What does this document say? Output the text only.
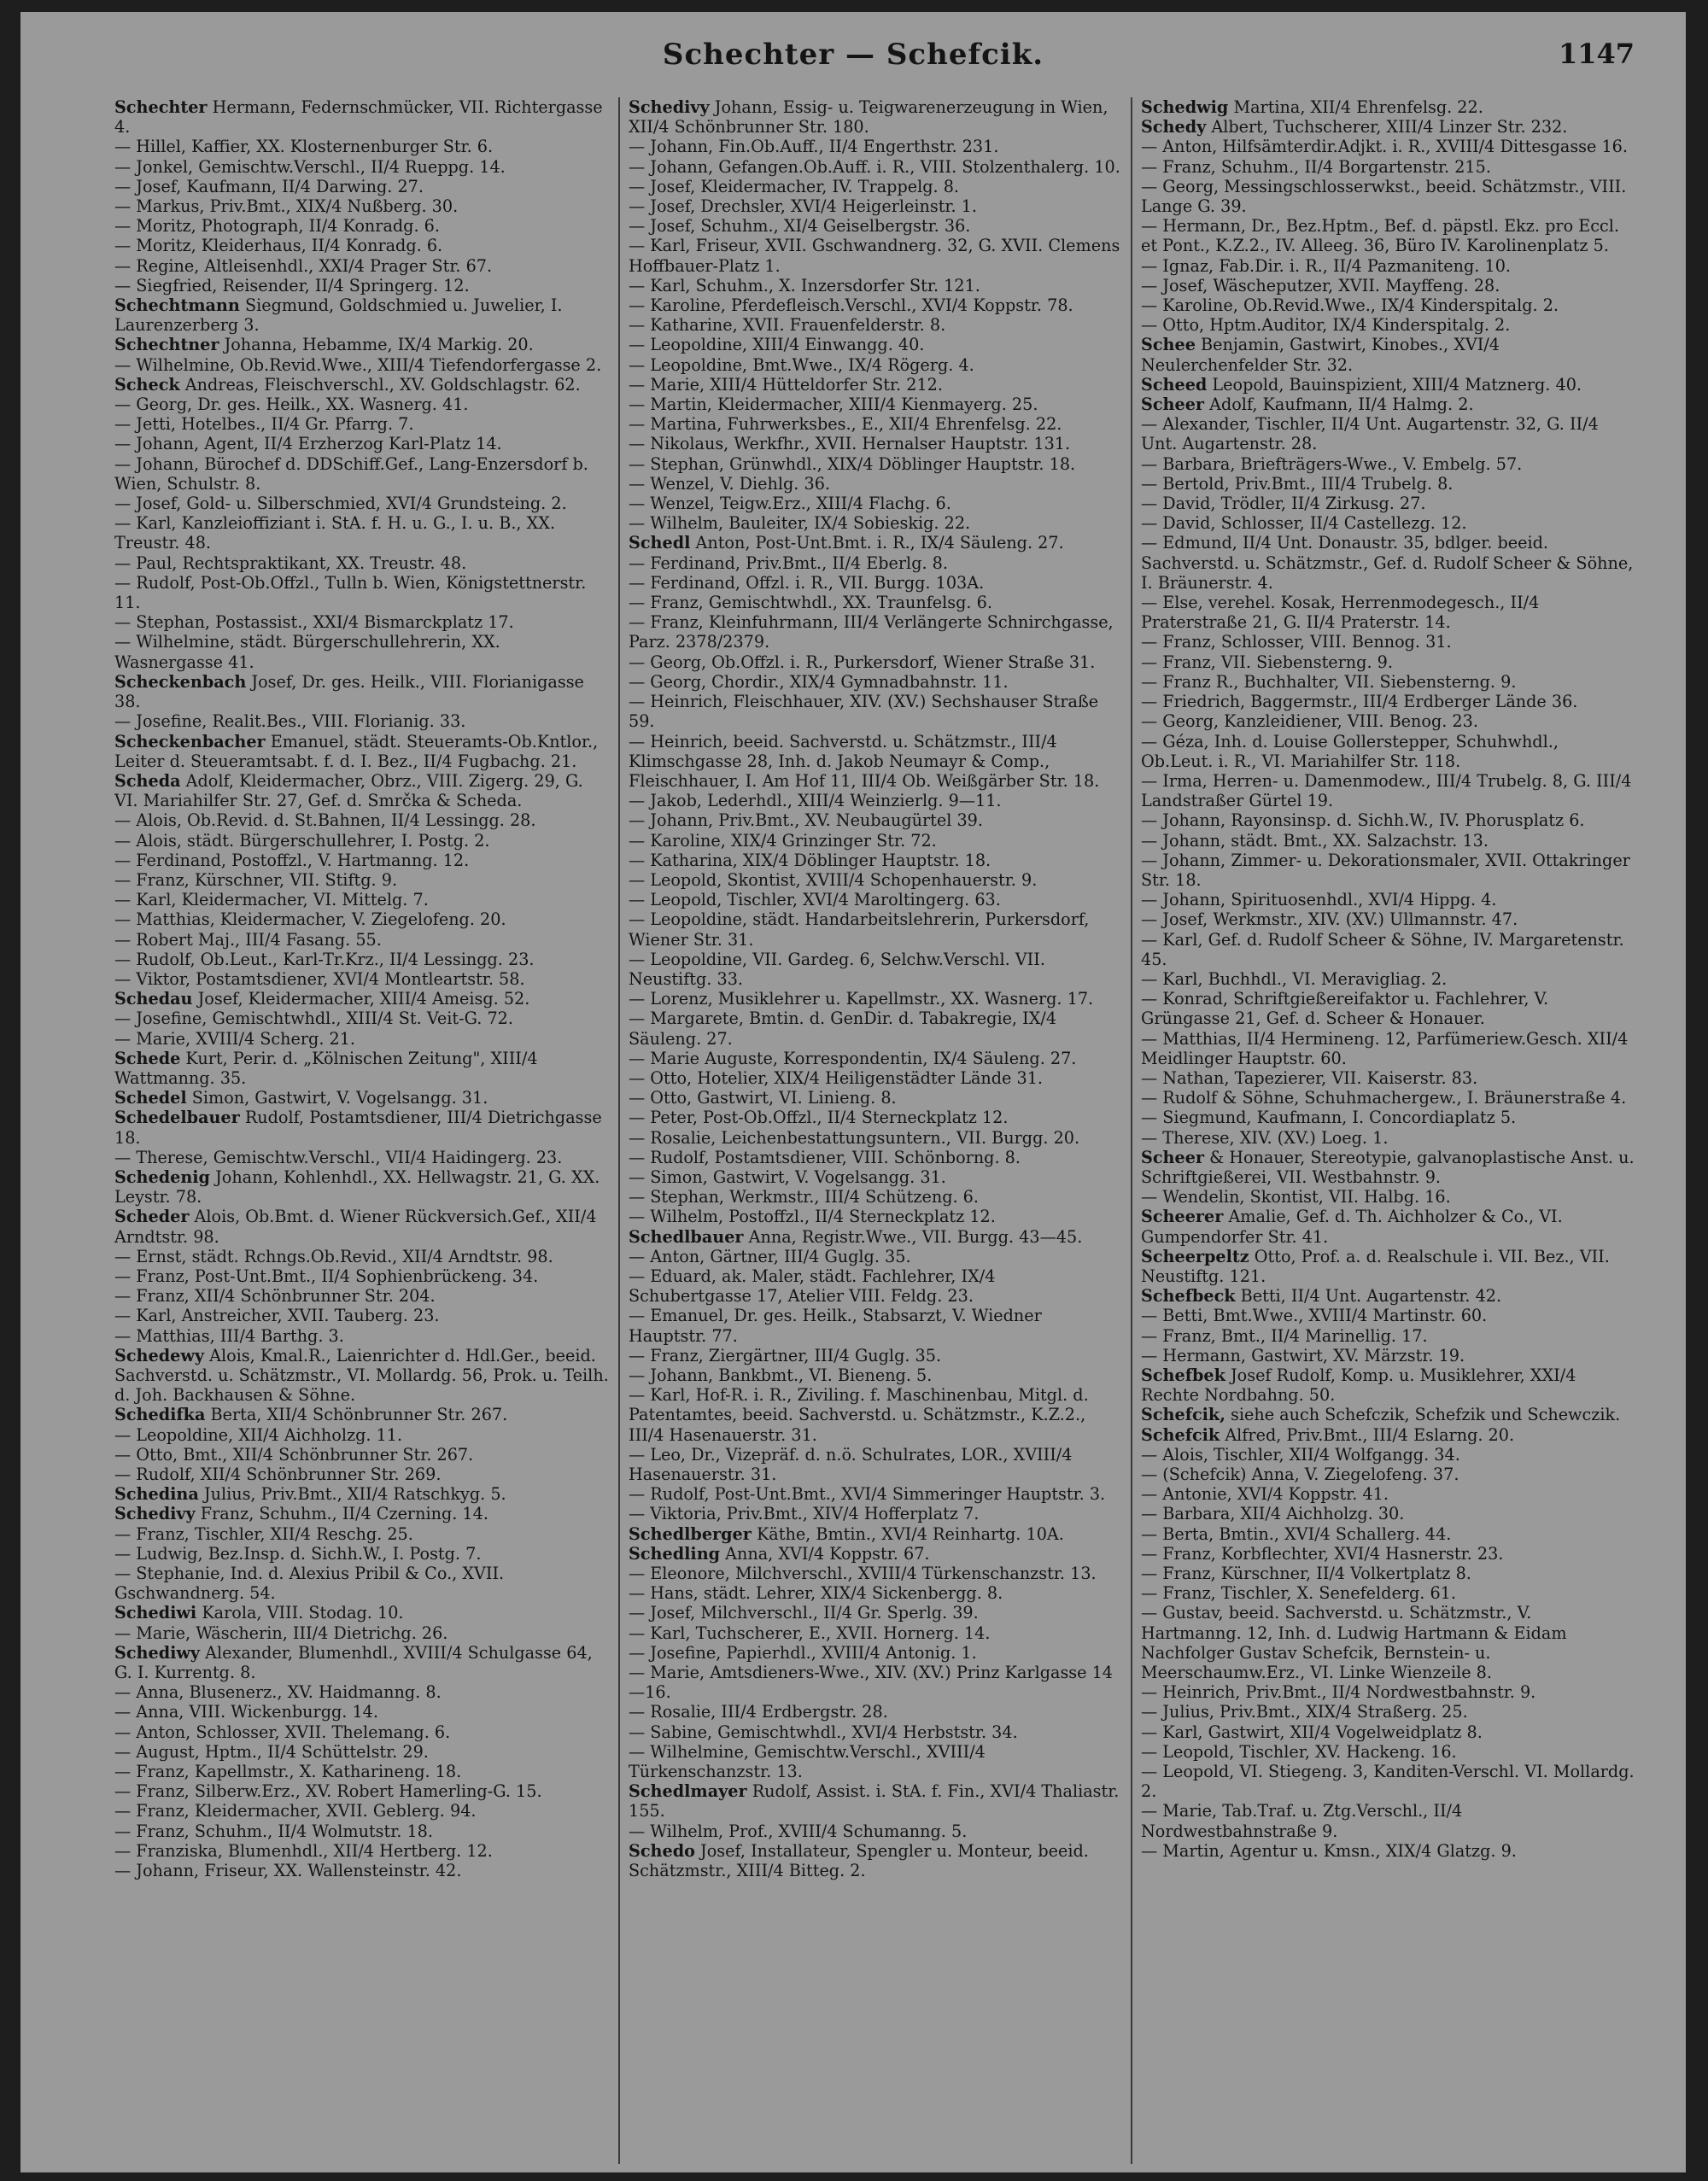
Schechter — Schefcik.	1147

Schechter Hermann, Federnschmücker, VII. Richtergasse 4.

— Hillel, Kaffier, XX. Klosternenburger Str. 6.

— Jonkel, Gemischtw.Verschl., II/4 Rueppg. 14.

— Josef, Kaufmann, II/4 Darwing. 27.

— Markus, Priv.Bmt., XIX/4 Nußberg. 30.

— Moritz, Photograph, II/4 Konradg. 6.

— Moritz, Kleiderhaus, II/4 Konradg. 6.

— Regine, Altleisenhdl., XXI/4 Prager Str. 67.

— Siegfried, Reisender, II/4 Springerg. 12.

Schechtmann Siegmund, Goldschmied u. Juwelier, I. Laurenzerberg 3.

Schechtner Johanna, Hebamme, IX/4 Markig. 20.

— Wilhelmine, Ob.Revid.Wwe., XIII/4 Tiefendorfergasse 2.

Scheck Andreas, Fleischverschl., XV. Goldschlagstr. 62.

— Georg, Dr. ges. Heilk., XX. Wasnerg. 41.

— Jetti, Hotelbes., II/4 Gr. Pfarrg. 7.

— Johann, Agent, II/4 Erzherzog Karl-Platz 14.

— Johann, Bürochef d. DDSchiff.Gef., Lang-Enzersdorf b. Wien, Schulstr. 8.

— Josef, Gold- u. Silberschmied, XVI/4 Grundsteing. 2.

— Karl, Kanzleioffiziant i. StA. f. H. u. G., I. u. B., XX. Treustr. 48.

— Paul, Rechtspraktikant, XX. Treustr. 48.

— Rudolf, Post-Ob.Offzl., Tulln b. Wien, Königstettnerstr. 11.

— Stephan, Postassist., XXI/4 Bismarckplatz 17.

— Wilhelmine, städt. Bürgerschullehrerin, XX. Wasnergasse 41.

Scheckenbach Josef, Dr. ges. Heilk., VIII. Florianigasse 38.

— Josefine, Realit.Bes., VIII. Florianig. 33.

Scheckenbacher Emanuel, städt. Steueramts-Ob.Kntlor., Leiter d. Steueramtsabt. f. d. I. Bez., II/4 Fugbachg. 21.

Scheda Adolf, Kleidermacher, Obrz., VIII. Zigerg. 29, G. VI. Mariahilfer Str. 27, Gef. d. Smrčka & Scheda.

— Alois, Ob.Revid. d. St.Bahnen, II/4 Lessingg. 28.

— Alois, städt. Bürgerschullehrer, I. Postg. 2.

— Ferdinand, Postoffzl., V. Hartmanng. 12.

— Franz, Kürschner, VII. Stiftg. 9.

— Karl, Kleidermacher, VI. Mittelg. 7.

— Matthias, Kleidermacher, V. Ziegelofeng. 20.

— Robert Maj., III/4 Fasang. 55.

— Rudolf, Ob.Leut., Karl-Tr.Krz., II/4 Lessingg. 23.

— Viktor, Postamtsdiener, XVI/4 Montleartstr. 58.

Schedau Josef, Kleidermacher, XIII/4 Ameisg. 52.

— Josefine, Gemischtwhdl., XIII/4 St. Veit-G. 72.

— Marie, XVIII/4 Scherg. 21.

Schede Kurt, Perir. d. „Kölnischen Zeitung", XIII/4 Wattmanng. 35.

Schedel Simon, Gastwirt, V. Vogelsangg. 31.

Schedelbauer Rudolf, Postamtsdiener, III/4 Dietrichgasse 18.

— Therese, Gemischtw.Verschl., VII/4 Haidingerg. 23.

Schedenig Johann, Kohlenhdl., XX. Hellwagstr. 21, G. XX. Leystr. 78.

Scheder Alois, Ob.Bmt. d. Wiener Rückversich.Gef., XII/4 Arndtstr. 98.

— Ernst, städt. Rchngs.Ob.Revid., XII/4 Arndtstr. 98.

— Franz, Post-Unt.Bmt., II/4 Sophienbrückeng. 34.

— Franz, XII/4 Schönbrunner Str. 204.

— Karl, Anstreicher, XVII. Tauberg. 23.

— Matthias, III/4 Barthg. 3.

Schedewy Alois, Kmal.R., Laienrichter d. Hdl.Ger., beeid. Sachverstd. u. Schätzmstr., VI. Mollardg. 56, Prok. u. Teilh. d. Joh. Backhausen & Söhne.

Schedifka Berta, XII/4 Schönbrunner Str. 267.

— Leopoldine, XII/4 Aichholzg. 11.

— Otto, Bmt., XII/4 Schönbrunner Str. 267.

— Rudolf, XII/4 Schönbrunner Str. 269.

Schedina Julius, Priv.Bmt., XII/4 Ratschkyg. 5.

Schedivy Franz, Schuhm., II/4 Czerning. 14.

— Franz, Tischler, XII/4 Reschg. 25.

— Ludwig, Bez.Insp. d. Sichh.W., I. Postg. 7.

— Stephanie, Ind. d. Alexius Pribil & Co., XVII. Gschwandnerg. 54.

Schediwi Karola, VIII. Stodag. 10.

— Marie, Wäscherin, III/4 Dietrichg. 26.

Schediwy Alexander, Blumenhdl., XVIII/4 Schulgasse 64, G. I. Kurrentg. 8.

— Anna, Blusenerz., XV. Haidmanng. 8.

— Anna, VIII. Wickenburgg. 14.

— Anton, Schlosser, XVII. Thelemang. 6.

— August, Hptm., II/4 Schüttelstr. 29.

— Franz, Kapellmstr., X. Katharineng. 18.

— Franz, Silberw.Erz., XV. Robert Hamerling-G. 15.

— Franz, Kleidermacher, XVII. Geblerg. 94.

— Franz, Schuhm., II/4 Wolmutstr. 18.

— Franziska, Blumenhdl., XII/4 Hertberg. 12.

— Johann, Friseur, XX. Wallensteinstr. 42.

Schedivy Johann, Essig- u. Teigwarenerzeugung in Wien, XII/4 Schönbrunner Str. 180.

— Johann, Fin.Ob.Auff., II/4 Engerthstr. 231.

— Johann, Gefangen.Ob.Auff. i. R., VIII. Stolzenthalerg. 10.

— Josef, Kleidermacher, IV. Trappelg. 8.

— Josef, Drechsler, XVI/4 Heigerleinstr. 1.

— Josef, Schuhm., XI/4 Geiselbergstr. 36.

— Karl, Friseur, XVII. Gschwandnerg. 32, G. XVII. Clemens Hoffbauer-Platz 1.

— Karl, Schuhm., X. Inzersdorfer Str. 121.

— Karoline, Pferdefleisch.Verschl., XVI/4 Koppstr. 78.

— Katharine, XVII. Frauenfelderstr. 8.

— Leopoldine, XIII/4 Einwangg. 40.

— Leopoldine, Bmt.Wwe., IX/4 Rögerg. 4.

— Marie, XIII/4 Hütteldorfer Str. 212.

— Martin, Kleidermacher, XIII/4 Kienmayerg. 25.

— Martina, Fuhrwerksbes., E., XII/4 Ehrenfelsg. 22.

— Nikolaus, Werkfhr., XVII. Hernalser Hauptstr. 131.

— Stephan, Grünwhdl., XIX/4 Döblinger Hauptstr. 18.

— Wenzel, V. Diehlg. 36.

— Wenzel, Teigw.Erz., XIII/4 Flachg. 6.

— Wilhelm, Bauleiter, IX/4 Sobieskig. 22.

Schedl Anton, Post-Unt.Bmt. i. R., IX/4 Säuleng. 27.

— Ferdinand, Priv.Bmt., II/4 Eberlg. 8.

— Ferdinand, Offzl. i. R., VII. Burgg. 103A.

— Franz, Gemischtwhdl., XX. Traunfelsg. 6.

— Franz, Kleinfuhrmann, III/4 Verlängerte Schnirchgasse, Parz. 2378/2379.

— Georg, Ob.Offzl. i. R., Purkersdorf, Wiener Straße 31.

— Georg, Chordir., XIX/4 Gymnadbahnstr. 11.

— Heinrich, Fleischhauer, XIV. (XV.) Sechshauser Straße 59.

— Heinrich, beeid. Sachverstd. u. Schätzmstr., III/4 Klimschgasse 28, Inh. d. Jakob Neumayr & Comp., Fleischhauer, I. Am Hof 11, III/4 Ob. Weißgärber Str. 18.

— Jakob, Lederhdl., XIII/4 Weinzierlg. 9—11.

— Johann, Priv.Bmt., XV. Neubaugürtel 39.

— Karoline, XIX/4 Grinzinger Str. 72.

— Katharina, XIX/4 Döblinger Hauptstr. 18.

— Leopold, Skontist, XVIII/4 Schopenhauerstr. 9.

— Leopold, Tischler, XVI/4 Maroltingerg. 63.

— Leopoldine, städt. Handarbeitslehrerin, Purkersdorf, Wiener Str. 31.

— Leopoldine, VII. Gardeg. 6, Selchw.Verschl. VII. Neustiftg. 33.

— Lorenz, Musiklehrer u. Kapellmstr., XX. Wasnerg. 17.

— Margarete, Bmtin. d. GenDir. d. Tabakregie, IX/4 Säuleng. 27.

— Marie Auguste, Korrespondentin, IX/4 Säuleng. 27.

— Otto, Hotelier, XIX/4 Heiligenstädter Lände 31.

— Otto, Gastwirt, VI. Linieng. 8.

— Peter, Post-Ob.Offzl., II/4 Sterneckplatz 12.

— Rosalie, Leichenbestattungsuntern., VII. Burgg. 20.

— Rudolf, Postamtsdiener, VIII. Schönborng. 8.

— Simon, Gastwirt, V. Vogelsangg. 31.

— Stephan, Werkmstr., III/4 Schützeng. 6.

— Wilhelm, Postoffzl., II/4 Sterneckplatz 12.

Schedlbauer Anna, Registr.Wwe., VII. Burgg. 43—45.

— Anton, Gärtner, III/4 Guglg. 35.

— Eduard, ak. Maler, städt. Fachlehrer, IX/4 Schubertgasse 17, Atelier VIII. Feldg. 23.

— Emanuel, Dr. ges. Heilk., Stabsarzt, V. Wiedner Hauptstr. 77.

— Franz, Ziergärtner, III/4 Guglg. 35.

— Johann, Bankbmt., VI. Bieneng. 5.

— Karl, Hof-R. i. R., Ziviling. f. Maschinenbau, Mitgl. d. Patentamtes, beeid. Sachverstd. u. Schätzmstr., K.Z.2., III/4 Hasenauerstr. 31.

— Leo, Dr., Vizepräf. d. n.ö. Schulrates, LOR., XVIII/4 Hasenauerstr. 31.

— Rudolf, Post-Unt.Bmt., XVI/4 Simmeringer Hauptstr. 3.

— Viktoria, Priv.Bmt., XIV/4 Hofferplatz 7.

Schedlberger Käthe, Bmtin., XVI/4 Reinhartg. 10A.

Schedling Anna, XVI/4 Koppstr. 67.

— Eleonore, Milchverschl., XVIII/4 Türkenschanzstr. 13.

— Hans, städt. Lehrer, XIX/4 Sickenbergg. 8.

— Josef, Milchverschl., II/4 Gr. Sperlg. 39.

— Karl, Tuchscherer, E., XVII. Hornerg. 14.

— Josefine, Papierhdl., XVIII/4 Antonig. 1.

— Marie, Amtsdieners-Wwe., XIV. (XV.) Prinz Karlgasse 14—16.

— Rosalie, III/4 Erdbergstr. 28.

— Sabine, Gemischtwhdl., XVI/4 Herbststr. 34.

— Wilhelmine, Gemischtw.Verschl., XVIII/4 Türkenschanzstr. 13.

Schedlmayer Rudolf, Assist. i. StA. f. Fin., XVI/4 Thaliastr. 155.

— Wilhelm, Prof., XVIII/4 Schumanng. 5.

Schedo Josef, Installateur, Spengler u. Monteur, beeid. Schätzmstr., XIII/4 Bitteg. 2.

Schedwig Martina, XII/4 Ehrenfelsg. 22.

Schedy Albert, Tuchscherer, XIII/4 Linzer Str. 232.

— Anton, Hilfsämterdir.Adjkt. i. R., XVIII/4 Dittesgasse 16.

— Franz, Schuhm., II/4 Borgartenstr. 215.

— Georg, Messingschlosserwkst., beeid. Schätzmstr., VIII. Lange G. 39.

— Hermann, Dr., Bez.Hptm., Bef. d. päpstl. Ekz. pro Eccl. et Pont., K.Z.2., IV. Alleeg. 36, Büro IV. Karolinenplatz 5.

— Ignaz, Fab.Dir. i. R., II/4 Pazmaniteng. 10.

— Josef, Wäscheputzer, XVII. Mayffeng. 28.

— Karoline, Ob.Revid.Wwe., IX/4 Kinderspitalg. 2.

— Otto, Hptm.Auditor, IX/4 Kinderspitalg. 2.

Schee Benjamin, Gastwirt, Kinobes., XVI/4 Neulerchenfelder Str. 32.

Scheed Leopold, Bauinspizient, XIII/4 Matznerg. 40.

Scheer Adolf, Kaufmann, II/4 Halmg. 2.

— Alexander, Tischler, II/4 Unt. Augartenstr. 32, G. II/4 Unt. Augartenstr. 28.

— Barbara, Briefträgers-Wwe., V. Embelg. 57.

— Bertold, Priv.Bmt., III/4 Trubelg. 8.

— David, Trödler, II/4 Zirkusg. 27.

— David, Schlosser, II/4 Castellezg. 12.

— Edmund, II/4 Unt. Donaustr. 35, bdlger. beeid. Sachverstd. u. Schätzmstr., Gef. d. Rudolf Scheer & Söhne, I. Bräunerstr. 4.

— Else, verehel. Kosak, Herrenmodegesch., II/4 Praterstraße 21, G. II/4 Praterstr. 14.

— Franz, Schlosser, VIII. Bennog. 31.

— Franz, VII. Siebensterng. 9.

— Franz R., Buchhalter, VII. Siebensterng. 9.

— Friedrich, Baggermstr., III/4 Erdberger Lände 36.

— Georg, Kanzleidiener, VIII. Benog. 23.

— Géza, Inh. d. Louise Gollerstepper, Schuhwhdl., Ob.Leut. i. R., VI. Mariahilfer Str. 118.

— Irma, Herren- u. Damenmodew., III/4 Trubelg. 8, G. III/4 Landstraßer Gürtel 19.

— Johann, Rayonsinsp. d. Sichh.W., IV. Phorusplatz 6.

— Johann, städt. Bmt., XX. Salzachstr. 13.

— Johann, Zimmer- u. Dekorationsmaler, XVII. Ottakringer Str. 18.

— Johann, Spirituosenhdl., XVI/4 Hippg. 4.

— Josef, Werkmstr., XIV. (XV.) Ullmannstr. 47.

— Karl, Gef. d. Rudolf Scheer & Söhne, IV. Margaretenstr. 45.

— Karl, Buchhdl., VI. Meravigliag. 2.

— Konrad, Schriftgießereifaktor u. Fachlehrer, V. Grüngasse 21, Gef. d. Scheer & Honauer.

— Matthias, II/4 Hermineng. 12, Parfümeriew.Gesch. XII/4 Meidlinger Hauptstr. 60.

— Nathan, Tapezierer, VII. Kaiserstr. 83.

— Rudolf & Söhne, Schuhmachergew., I. Bräunerstraße 4.

— Siegmund, Kaufmann, I. Concordiaplatz 5.

— Therese, XIV. (XV.) Loeg. 1.

Scheer & Honauer, Stereotypie, galvanoplastische Anst. u. Schriftgießerei, VII. Westbahnstr. 9.

— Wendelin, Skontist, VII. Halbg. 16.

Scheerer Amalie, Gef. d. Th. Aichholzer & Co., VI. Gumpendorfer Str. 41.

Scheerpeltz Otto, Prof. a. d. Realschule i. VII. Bez., VII. Neustiftg. 121.

Schefbeck Betti, II/4 Unt. Augartenstr. 42.

— Betti, Bmt.Wwe., XVIII/4 Martinstr. 60.

— Franz, Bmt., II/4 Marinellig. 17.

— Hermann, Gastwirt, XV. Märzstr. 19.

Schefbek Josef Rudolf, Komp. u. Musiklehrer, XXI/4 Rechte Nordbahng. 50.

Schefcik, siehe auch Schefczik, Schefzik und Schewczik.

Schefcik Alfred, Priv.Bmt., III/4 Eslarng. 20.

— Alois, Tischler, XII/4 Wolfgangg. 34.

— (Schefcik) Anna, V. Ziegelofeng. 37.

— Antonie, XVI/4 Koppstr. 41.

— Barbara, XII/4 Aichholzg. 30.

— Berta, Bmtin., XVI/4 Schallerg. 44.

— Franz, Korbflechter, XVI/4 Hasnerstr. 23.

— Franz, Kürschner, II/4 Volkertplatz 8.

— Franz, Tischler, X. Senefelderg. 61.

— Gustav, beeid. Sachverstd. u. Schätzmstr., V. Hartmanng. 12, Inh. d. Ludwig Hartmann & Eidam Nachfolger Gustav Schefcik, Bernstein- u. Meerschaumw.Erz., VI. Linke Wienzeile 8.

— Heinrich, Priv.Bmt., II/4 Nordwestbahnstr. 9.

— Julius, Priv.Bmt., XIX/4 Straßerg. 25.

— Karl, Gastwirt, XII/4 Vogelweidplatz 8.

— Leopold, Tischler, XV. Hackeng. 16.

— Leopold, VI. Stiegeng. 3, Kanditen-Verschl. VI. Mollardg. 2.

— Marie, Tab.Traf. u. Ztg.Verschl., II/4 Nordwestbahnstraße 9.

— Martin, Agentur u. Kmsn., XIX/4 Glatzg. 9.
